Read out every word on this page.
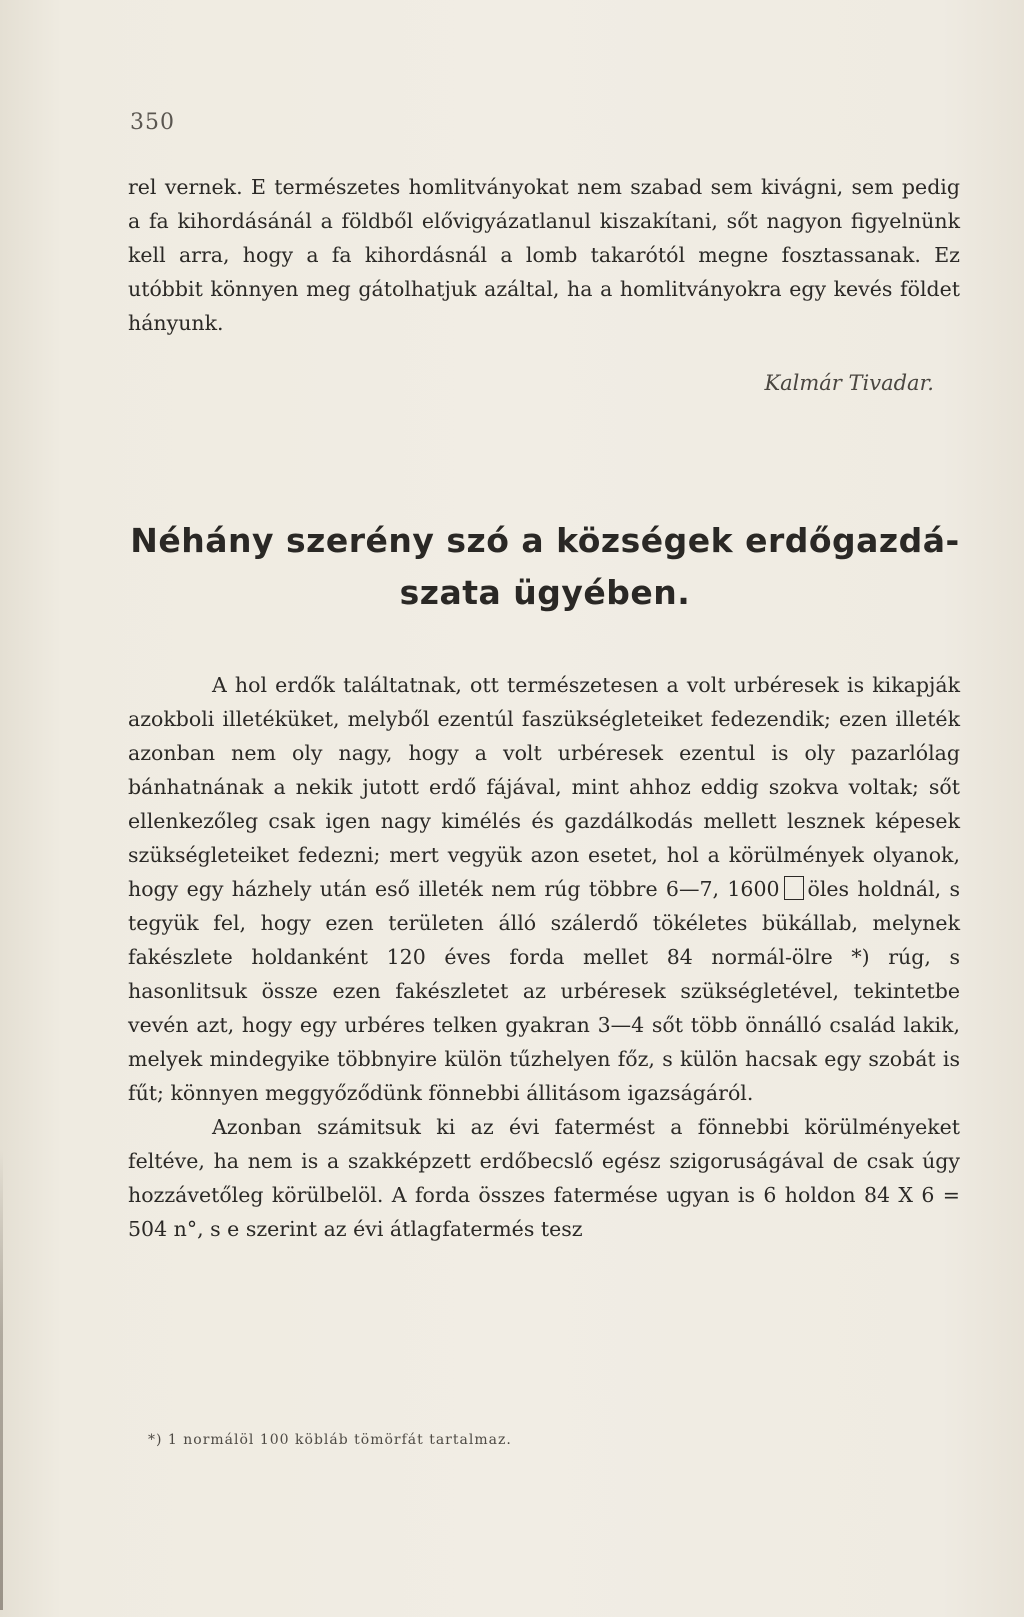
350

rel vernek. E természetes homlitványokat nem szabad sem kivágni, sem pedig a fa kihordásánál a földből elővigyázatlanul kiszakítani, sőt nagyon figyelnünk kell arra, hogy a fa kihordásnál a lomb takarótól megne fosztassanak. Ez utóbbit könnyen meg gátolhatjuk azáltal, ha a homlitványokra egy kevés földet hányunk.

Kalmár Tivadar.
Néhány szerény szó a községek erdőgazdá-
szata ügyében.

A hol erdők találtatnak, ott természetesen a volt urbéresek is kikapják azokboli illetéküket, melyből ezentúl faszükségleteiket fedezendik; ezen illeték azonban nem oly nagy, hogy a volt urbéresek ezentul is oly pazarlólag bánhatnának a nekik jutott erdő fájával, mint ahhoz eddig szokva voltak; sőt ellenkezőleg csak igen nagy kimélés és gazdálkodás mellett lesznek képesek szükségleteiket fedezni; mert vegyük azon esetet, hol a körülmények olyanok, hogy egy házhely után eső illeték nem rúg többre 6—7, 1600 öles holdnál, s tegyük fel, hogy ezen területen álló szálerdő tökéletes bükállab, melynek fakészlete holdanként 120 éves forda mellet 84 normál-ölre *) rúg, s hasonlitsuk össze ezen fakészletet az urbéresek szükségletével, tekintetbe vevén azt, hogy egy urbéres telken gyakran 3—4 sőt több önnálló család lakik, melyek mindegyike többnyire külön tűzhelyen főz, s külön hacsak egy szobát is fűt; könnyen meggyőződünk fönnebbi állitásom igazságáról.

Azonban számitsuk ki az évi fatermést a fönnebbi körülményeket feltéve, ha nem is a szakképzett erdőbecslő egész szigoruságával de csak úgy hozzávetőleg körülbelöl. A forda összes fatermése ugyan is 6 holdon 84 X 6 = 504 n°, s e szerint az évi átlagfatermés tesz

*) 1 normálöl 100 köbláb tömörfát tartalmaz.
